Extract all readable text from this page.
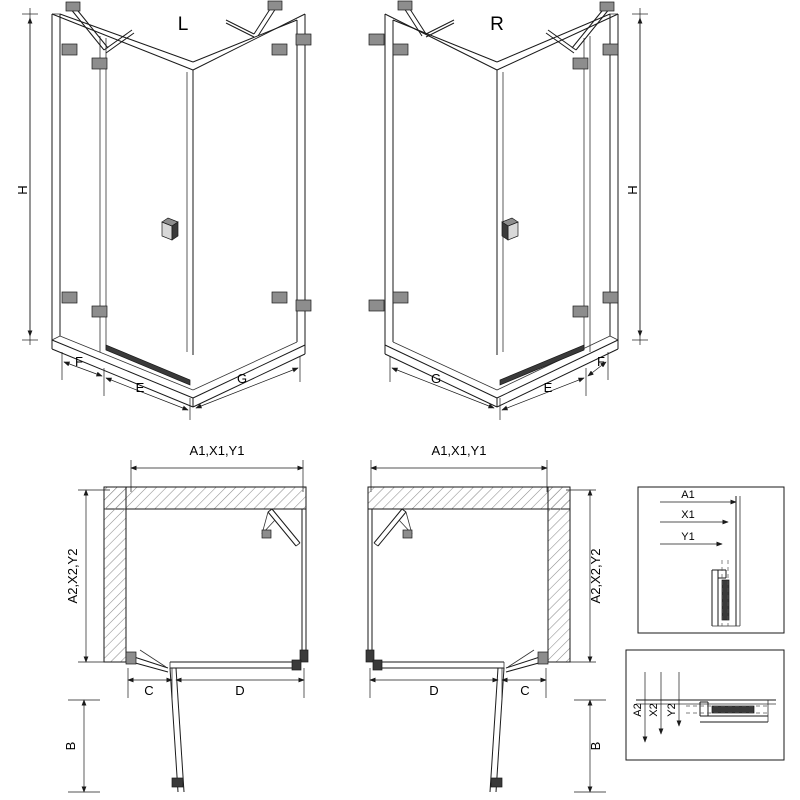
H
L
F
E
G
H
R
F
E
G
A1,X1,Y1
A2,X2,Y2
C	D
B
A1,X1,Y1
A2,X2,Y2
D	C
B
A1
X1
Y1
A2 X2 Y2
